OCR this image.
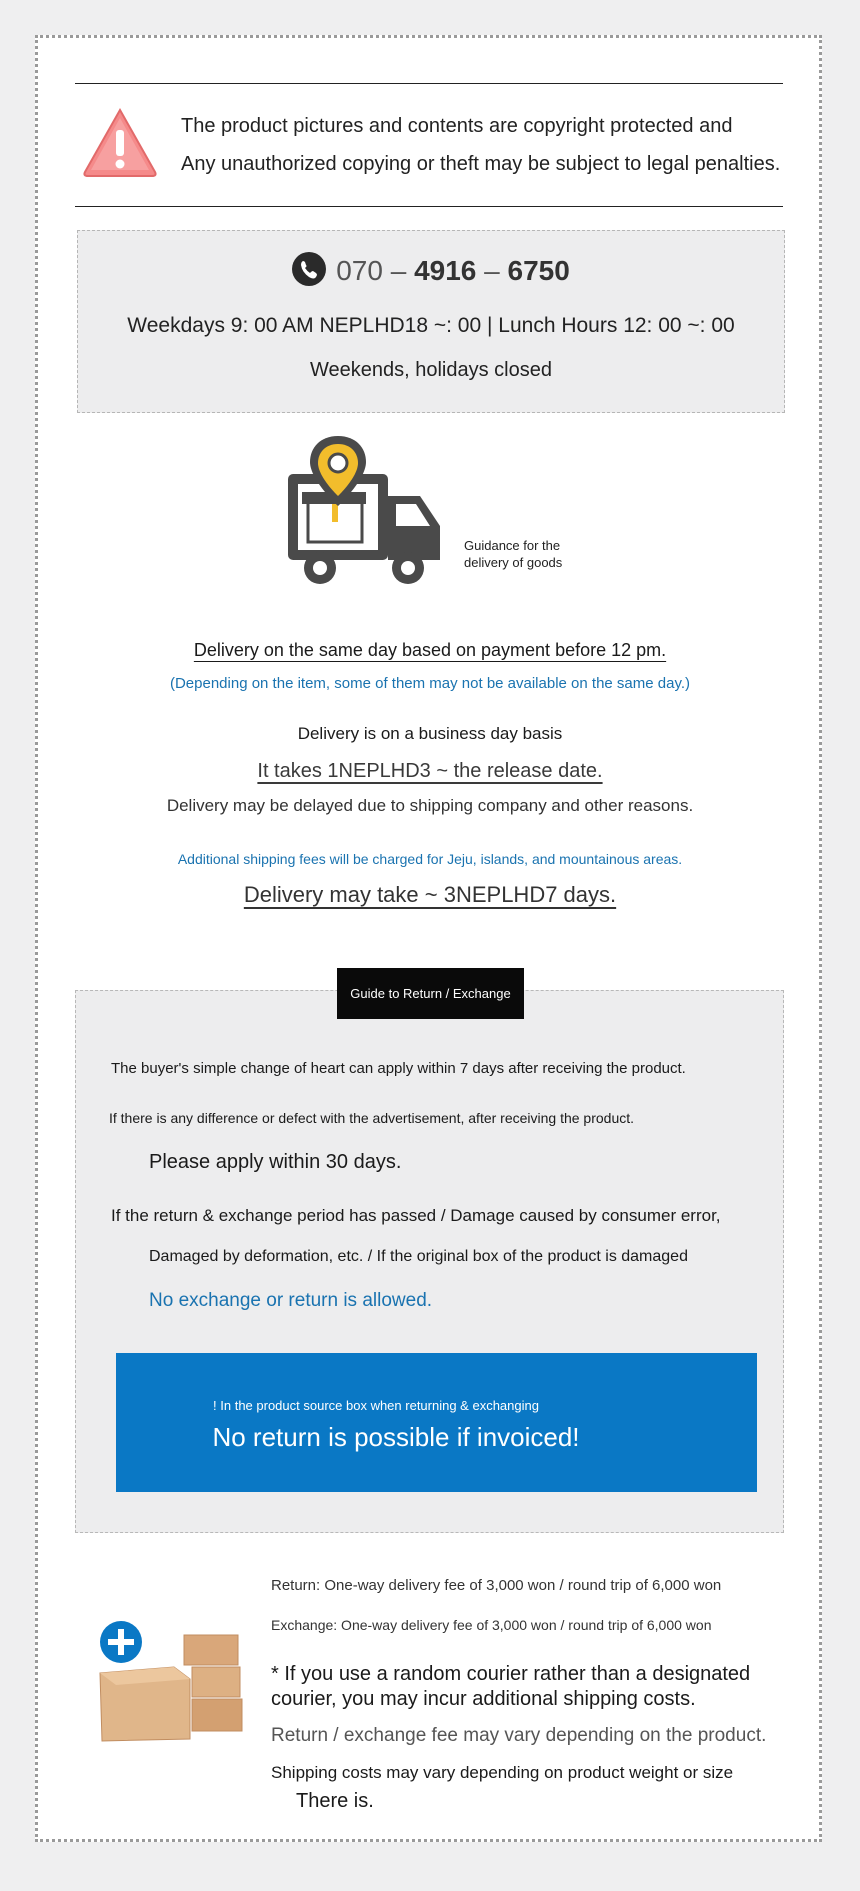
The product pictures and contents are copyright protected and
Any unauthorized copying or theft may be subject to legal penalties.
070 – 4916 – 6750
Weekdays 9: 00 AM NEPLHD18 ~: 00 | Lunch Hours 12: 00 ~: 00
Weekends, holidays closed
Guidance for the
delivery of goods
Delivery on the same day based on payment before 12 pm.
(Depending on the item, some of them may not be available on the same day.)
Delivery is on a business day basis
It takes 1NEPLHD3 ~ the release date.
Delivery may be delayed due to shipping company and other reasons.
Additional shipping fees will be charged for Jeju, islands, and mountainous areas.
Delivery may take ~ 3NEPLHD7 days.
Guide to Return / Exchange
The buyer's simple change of heart can apply within 7 days after receiving the product.
If there is any difference or defect with the advertisement, after receiving the product.
Please apply within 30 days.
If the return & exchange period has passed / Damage caused by consumer error,
Damaged by deformation, etc. / If the original box of the product is damaged
No exchange or return is allowed.
! In the product source box when returning & exchanging
No return is possible if invoiced!
Return: One-way delivery fee of 3,000 won / round trip of 6,000 won
Exchange: One-way delivery fee of 3,000 won / round trip of 6,000 won
* If you use a random courier rather than a designated
courier, you may incur additional shipping costs.
Return / exchange fee may vary depending on the product.
Shipping costs may vary depending on product weight or size
There is.
